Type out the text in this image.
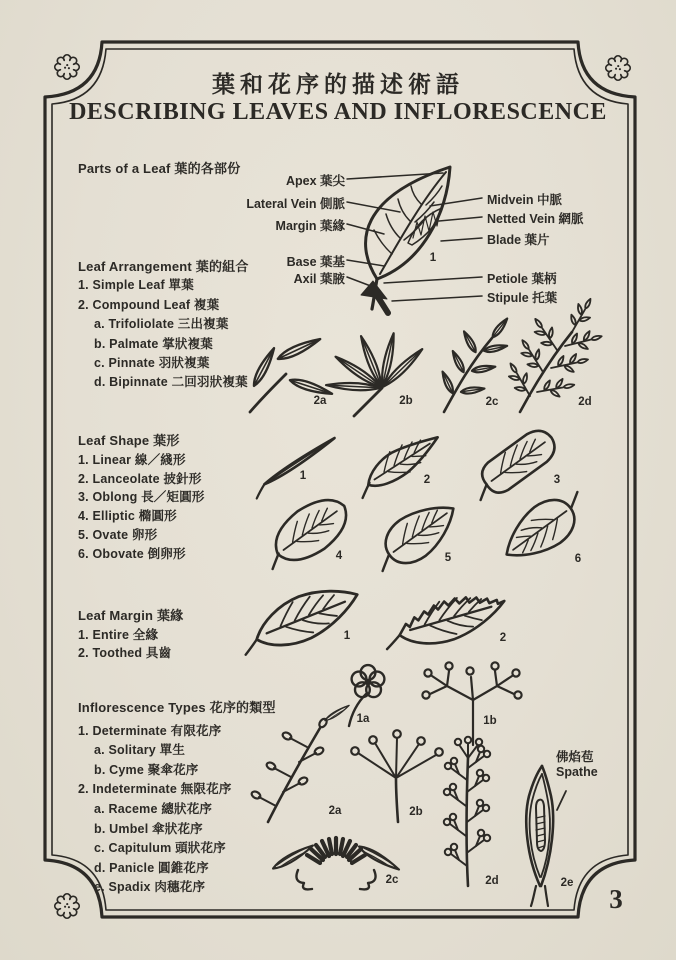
葉和花序的描述術語
DESCRIBING LEAVES AND INFLORESCENCE
Parts of a Leaf 葉的各部份
Apex 葉尖
Lateral Vein 側脈
Margin 葉緣
Base 葉基
Axil 葉腋
Midvein 中脈
Netted Vein 網脈
Blade 葉片
Petiole 葉柄
Stipule 托葉
1
Leaf Arrangement 葉的組合
1. Simple Leaf 單葉
2. Compound Leaf 複葉
a. Trifoliolate 三出複葉
b. Palmate 掌狀複葉
c. Pinnate 羽狀複葉
d. Bipinnate 二回羽狀複葉
2a	2b	2c	2d
Leaf Shape 葉形
1. Linear 線／綫形
2. Lanceolate 披針形
3. Oblong 長／矩圓形
4. Elliptic 橢圓形
5. Ovate 卵形
6. Obovate 倒卵形
1	2	3
4	5	6
Leaf Margin 葉緣
1. Entire 全緣
2. Toothed 具齒
1	2
Inflorescence Types 花序的類型
1. Determinate 有限花序
a. Solitary 單生
b. Cyme 聚傘花序
2. Indeterminate 無限花序
a. Raceme 總狀花序
b. Umbel 傘狀花序
c. Capitulum 頭狀花序
d. Panicle 圓錐花序
e. Spadix 肉穗花序
1a	1b
2a	2b
2c	2d	2e
佛焰苞
Spathe
3
